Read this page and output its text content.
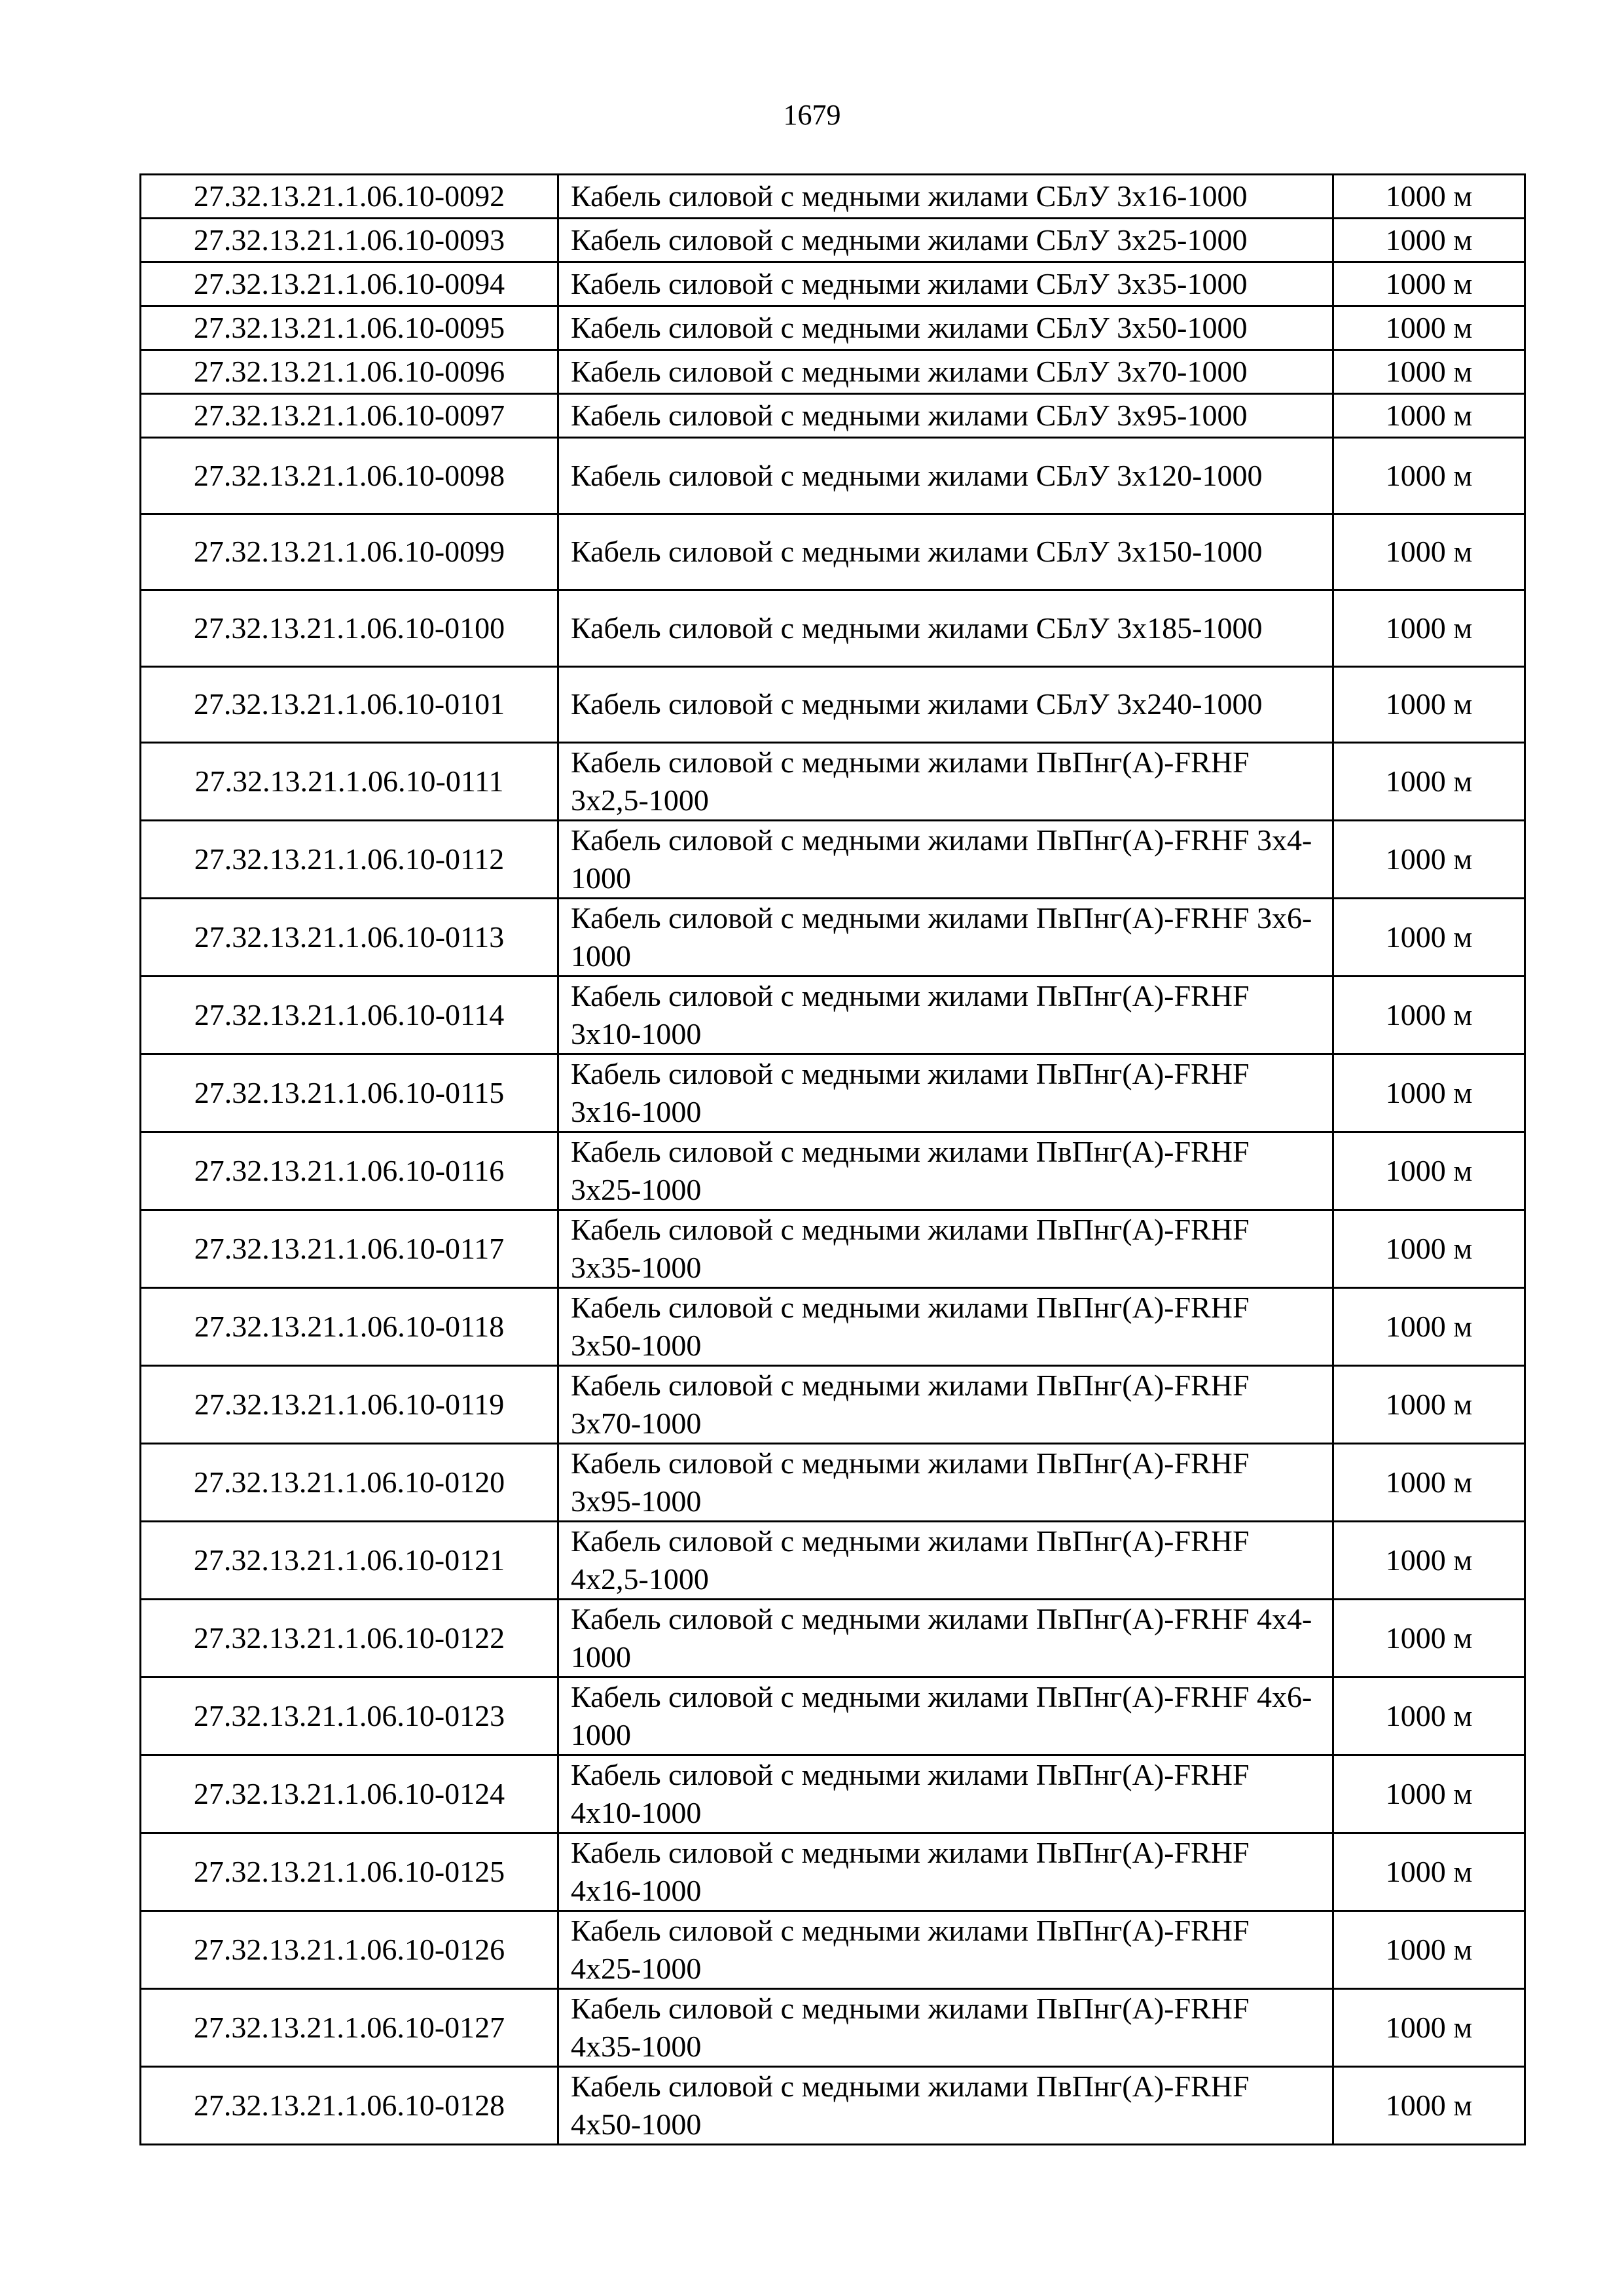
1679
27.32.13.21.1.06.10-0092	Кабель силовой с медными жилами СБлУ 3х16-1000	1000 м
27.32.13.21.1.06.10-0093	Кабель силовой с медными жилами СБлУ 3х25-1000	1000 м
27.32.13.21.1.06.10-0094	Кабель силовой с медными жилами СБлУ 3х35-1000	1000 м
27.32.13.21.1.06.10-0095	Кабель силовой с медными жилами СБлУ 3х50-1000	1000 м
27.32.13.21.1.06.10-0096	Кабель силовой с медными жилами СБлУ 3х70-1000	1000 м
27.32.13.21.1.06.10-0097	Кабель силовой с медными жилами СБлУ 3х95-1000	1000 м
27.32.13.21.1.06.10-0098	Кабель силовой с медными жилами СБлУ 3х120-1000	1000 м
27.32.13.21.1.06.10-0099	Кабель силовой с медными жилами СБлУ 3х150-1000	1000 м
27.32.13.21.1.06.10-0100	Кабель силовой с медными жилами СБлУ 3х185-1000	1000 м
27.32.13.21.1.06.10-0101	Кабель силовой с медными жилами СБлУ 3х240-1000	1000 м
27.32.13.21.1.06.10-0111	Кабель силовой с медными жилами ПвПнг(А)-FRHF 3х2,5-1000	1000 м
27.32.13.21.1.06.10-0112	Кабель силовой с медными жилами ПвПнг(А)-FRHF 3х4-1000	1000 м
27.32.13.21.1.06.10-0113	Кабель силовой с медными жилами ПвПнг(А)-FRHF 3х6-1000	1000 м
27.32.13.21.1.06.10-0114	Кабель силовой с медными жилами ПвПнг(А)-FRHF 3х10-1000	1000 м
27.32.13.21.1.06.10-0115	Кабель силовой с медными жилами ПвПнг(А)-FRHF 3х16-1000	1000 м
27.32.13.21.1.06.10-0116	Кабель силовой с медными жилами ПвПнг(А)-FRHF 3х25-1000	1000 м
27.32.13.21.1.06.10-0117	Кабель силовой с медными жилами ПвПнг(А)-FRHF 3х35-1000	1000 м
27.32.13.21.1.06.10-0118	Кабель силовой с медными жилами ПвПнг(А)-FRHF 3х50-1000	1000 м
27.32.13.21.1.06.10-0119	Кабель силовой с медными жилами ПвПнг(А)-FRHF 3х70-1000	1000 м
27.32.13.21.1.06.10-0120	Кабель силовой с медными жилами ПвПнг(А)-FRHF 3х95-1000	1000 м
27.32.13.21.1.06.10-0121	Кабель силовой с медными жилами ПвПнг(А)-FRHF 4х2,5-1000	1000 м
27.32.13.21.1.06.10-0122	Кабель силовой с медными жилами ПвПнг(А)-FRHF 4х4-1000	1000 м
27.32.13.21.1.06.10-0123	Кабель силовой с медными жилами ПвПнг(А)-FRHF 4х6-1000	1000 м
27.32.13.21.1.06.10-0124	Кабель силовой с медными жилами ПвПнг(А)-FRHF 4х10-1000	1000 м
27.32.13.21.1.06.10-0125	Кабель силовой с медными жилами ПвПнг(А)-FRHF 4х16-1000	1000 м
27.32.13.21.1.06.10-0126	Кабель силовой с медными жилами ПвПнг(А)-FRHF 4х25-1000	1000 м
27.32.13.21.1.06.10-0127	Кабель силовой с медными жилами ПвПнг(А)-FRHF 4х35-1000	1000 м
27.32.13.21.1.06.10-0128	Кабель силовой с медными жилами ПвПнг(А)-FRHF 4х50-1000	1000 м
